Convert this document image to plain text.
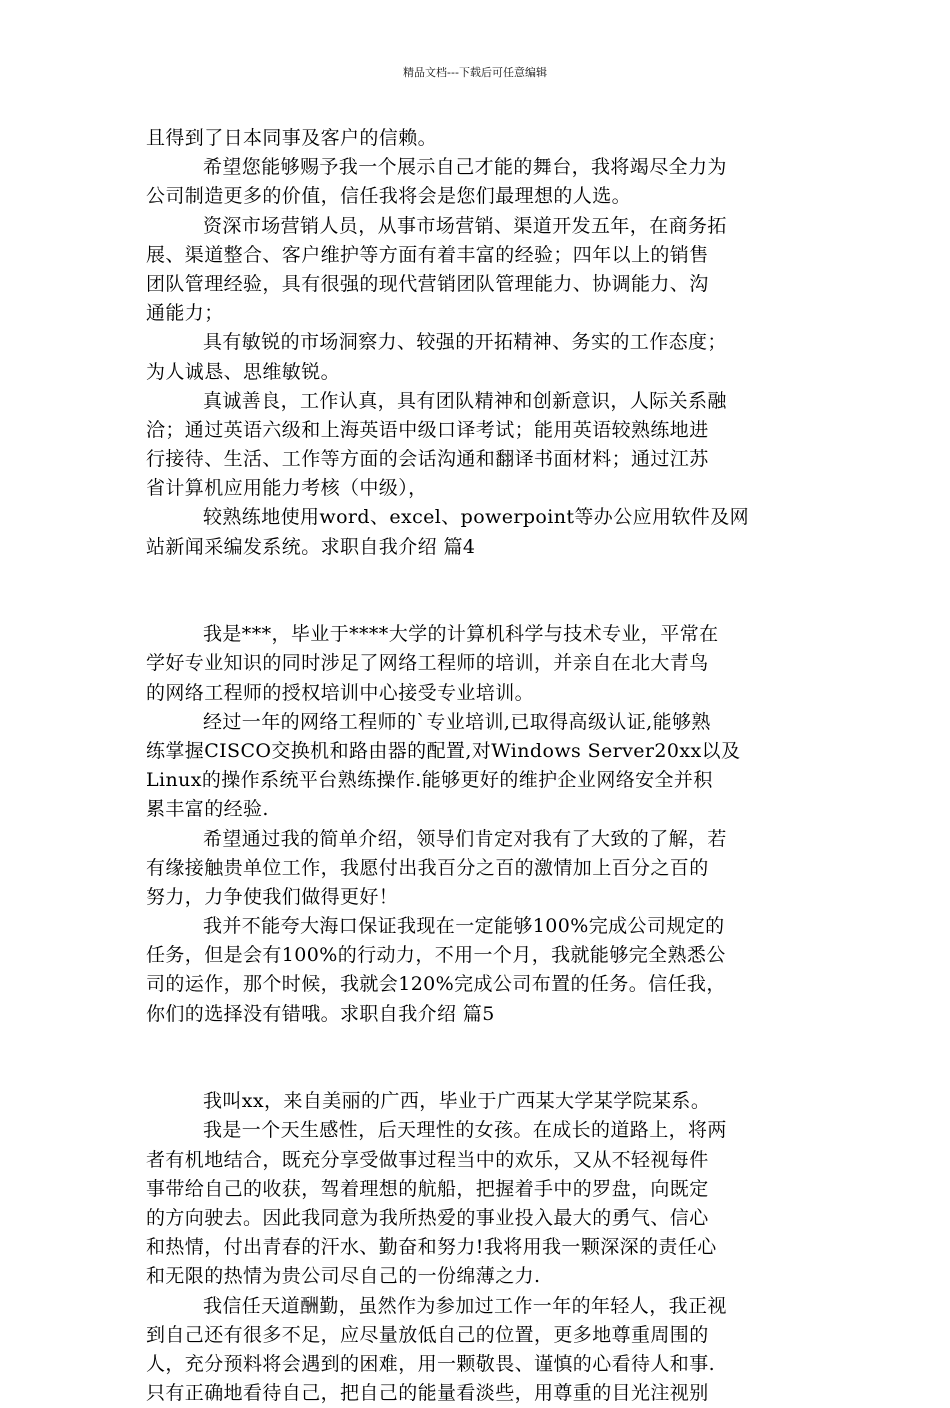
精品文档---下载后可任意编辑
且得到了日本同事及客户的信赖。
希望您能够赐予我一个展示自己才能的舞台，我将竭尽全力为
公司制造更多的价值，信任我将会是您们最理想的人选。
资深市场营销人员，从事市场营销、渠道开发五年，在商务拓
展、渠道整合、客户维护等方面有着丰富的经验；四年以上的销售
团队管理经验，具有很强的现代营销团队管理能力、协调能力、沟
通能力；
具有敏锐的市场洞察力、较强的开拓精神、务实的工作态度；
为人诚恳、思维敏锐。
真诚善良，工作认真，具有团队精神和创新意识，人际关系融
洽；通过英语六级和上海英语中级口译考试；能用英语较熟练地进
行接待、生活、工作等方面的会话沟通和翻译书面材料；通过江苏
省计算机应用能力考核（中级），
较熟练地使用word、excel、powerpoint等办公应用软件及网
站新闻采编发系统。求职自我介绍 篇4
我是***，毕业于****大学的计算机科学与技术专业，平常在
学好专业知识的同时涉足了网络工程师的培训，并亲自在北大青鸟
的网络工程师的授权培训中心接受专业培训。
经过一年的网络工程师的`专业培训,已取得高级认证,能够熟
练掌握CISCO交换机和路由器的配置,对Windows Server20xx以及
Linux的操作系统平台熟练操作.能够更好的维护企业网络安全并积
累丰富的经验.
希望通过我的简单介绍，领导们肯定对我有了大致的了解，若
有缘接触贵单位工作，我愿付出我百分之百的激情加上百分之百的
努力，力争使我们做得更好！
我并不能夸大海口保证我现在一定能够100%完成公司规定的
任务，但是会有100%的行动力，不用一个月，我就能够完全熟悉公
司的运作，那个时候，我就会120%完成公司布置的任务。信任我，
你们的选择没有错哦。求职自我介绍 篇5
我叫xx，来自美丽的广西，毕业于广西某大学某学院某系。
我是一个天生感性，后天理性的女孩。在成长的道路上，将两
者有机地结合，既充分享受做事过程当中的欢乐，又从不轻视每件
事带给自己的收获，驾着理想的航船，把握着手中的罗盘，向既定
的方向驶去。因此我同意为我所热爱的事业投入最大的勇气、信心
和热情，付出青春的汗水、勤奋和努力!我将用我一颗深深的责任心
和无限的热情为贵公司尽自己的一份绵薄之力.
我信任天道酬勤，虽然作为参加过工作一年的年轻人，我正视
到自己还有很多不足，应尽量放低自己的位置，更多地尊重周围的
人，充分预料将会遇到的困难，用一颗敬畏、谨慎的心看待人和事.
只有正确地看待自己，把自己的能量看淡些，用尊重的目光注视别
